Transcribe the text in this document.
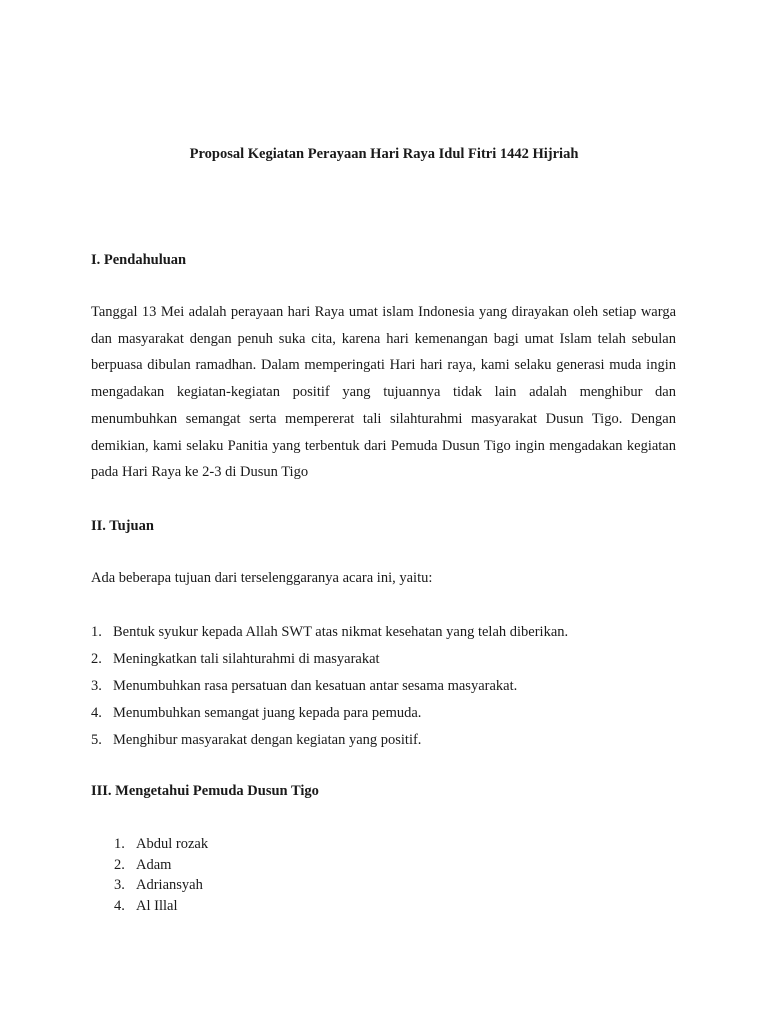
Proposal Kegiatan Perayaan Hari Raya Idul Fitri 1442 Hijriah
I. Pendahuluan

Tanggal 13 Mei adalah perayaan hari Raya umat islam Indonesia yang dirayakan oleh setiap warga dan masyarakat dengan penuh suka cita, karena hari kemenangan bagi umat Islam telah sebulan berpuasa dibulan ramadhan. Dalam memperingati Hari hari raya, kami selaku generasi muda ingin mengadakan kegiatan-kegiatan positif yang tujuannya tidak lain adalah menghibur dan menumbuhkan semangat serta mempererat tali silahturahmi masyarakat Dusun Tigo. Dengan demikian, kami selaku Panitia yang terbentuk dari Pemuda Dusun Tigo ingin mengadakan kegiatan pada Hari Raya ke 2-3 di Dusun Tigo

II. Tujuan
Ada beberapa tujuan dari terselenggaranya acara ini, yaitu:
1. Bentuk syukur kepada Allah SWT atas nikmat kesehatan yang telah diberikan.
2. Meningkatkan tali silahturahmi di masyarakat
3. Menumbuhkan rasa persatuan dan kesatuan antar sesama masyarakat.
4. Menumbuhkan semangat juang kepada para pemuda.
5. Menghibur masyarakat dengan kegiatan yang positif.
III. Mengetahui Pemuda Dusun Tigo
1. Abdul rozak
2. Adam
3. Adriansyah
4. Al Illal
